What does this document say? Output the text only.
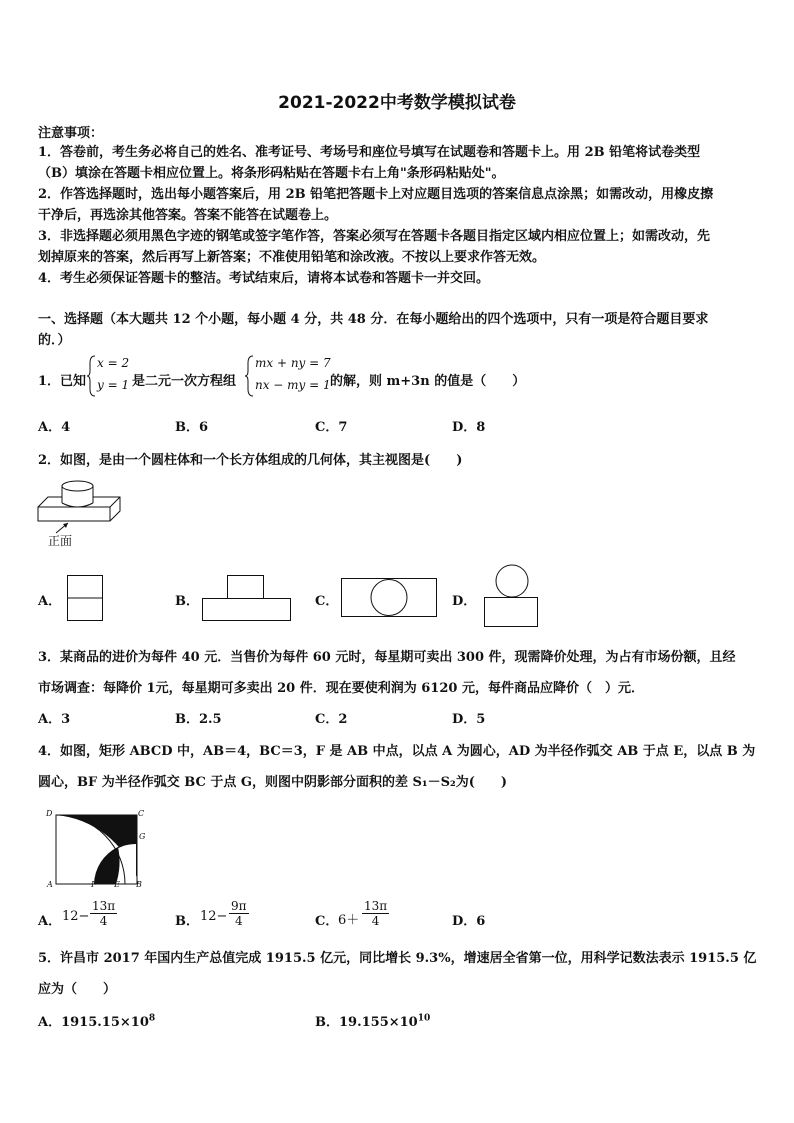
2021-2022中考数学模拟试卷
注意事项：
1．答卷前，考生务必将自己的姓名、准考证号、考场号和座位号填写在试题卷和答题卡上。用 2B 铅笔将试卷类型
（B）填涂在答题卡相应位置上。将条形码粘贴在答题卡右上角"条形码粘贴处"。
2．作答选择题时，选出每小题答案后，用 2B 铅笔把答题卡上对应题目选项的答案信息点涂黑；如需改动，用橡皮擦
干净后，再选涂其他答案。答案不能答在试题卷上。
3．非选择题必须用黑色字迹的钢笔或签字笔作答，答案必须写在答题卡各题目指定区域内相应位置上；如需改动，先
划掉原来的答案，然后再写上新答案；不准使用铅笔和涂改液。不按以上要求作答无效。
4．考生必须保证答题卡的整洁。考试结束后，请将本试卷和答题卡一并交回。
一、选择题（本大题共 12 个小题，每小题 4 分，共 48 分．在每小题给出的四个选项中，只有一项是符合题目要求
的．）
1．已知
x = 2
y = 1 是二元一次方程组
mx + ny = 7
nx − my = 1 的解，则 m+3n 的值是（　　）
A．4	B．6	C．7	D．8
2．如图，是由一个圆柱体和一个长方体组成的几何体，其主视图是(　　)
正面
A．	B．	C．	D．
3．某商品的进价为每件 40 元．当售价为每件 60 元时，每星期可卖出 300 件，现需降价处理，为占有市场份额，且经
市场调查：每降价 1元，每星期可多卖出 20 件．现在要使利润为 6120 元，每件商品应降价（　）元．
A．3	B．2.5	C．2	D．5
4．如图，矩形 ABCD 中，AB＝4，BC＝3，F 是 AB 中点，以点 A 为圆心，AD 为半径作弧交 AB 于点 E，以点 B 为
圆心，BF 为半径作弧交 BC 于点 G，则图中阴影部分面积的差 S₁－S₂为(　　)
D	C
G
A	F E B
A． $12- \frac{13\pi}{4}$	B． $12- \frac{9\pi}{4}$	C． $6+ \frac{13\pi}{4}$	D．6
5．许昌市 2017 年国内生产总值完成 1915.5 亿元，同比增长 9.3%，增速居全省第一位，用科学记数法表示 1915.5 亿
应为（　　）
A．$1915.15\times 10^8$	B．$19.155\times 10^{10}$
